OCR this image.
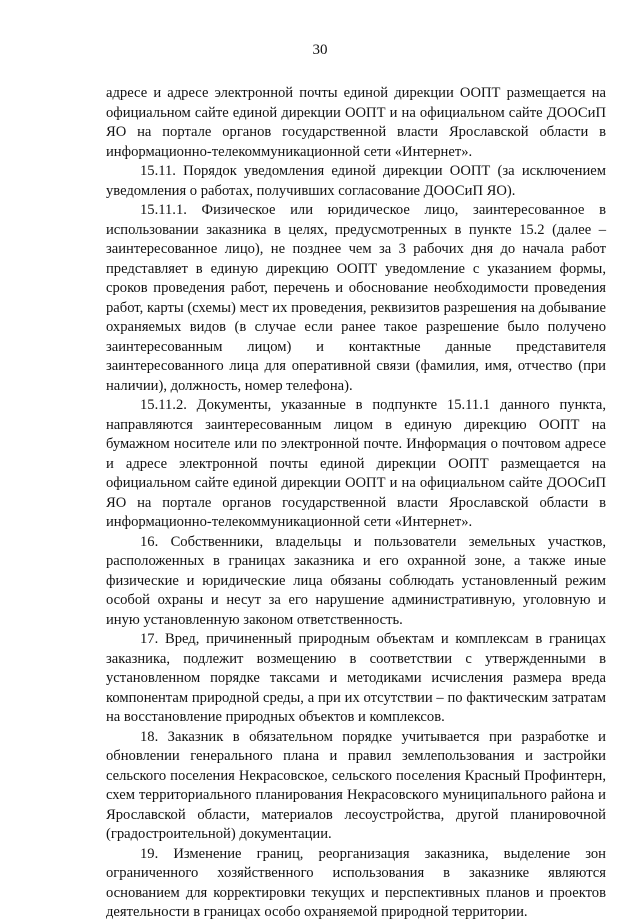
30

адресе и адресе электронной почты единой дирекции ООПТ размещается на официальном сайте единой дирекции ООПТ и на официальном сайте ДООСиП ЯО на портале органов государственной власти Ярославской области в информационно-телекоммуникационной сети «Интернет».

15.11. Порядок уведомления единой дирекции ООПТ (за исключением уведомления о работах, получивших согласование ДООСиП ЯО).

15.11.1. Физическое или юридическое лицо, заинтересованное в использовании заказника в целях, предусмотренных в пункте 15.2 (далее – заинтересованное лицо), не позднее чем за 3 рабочих дня до начала работ представляет в единую дирекцию ООПТ уведомление с указанием формы, сроков проведения работ, перечень и обоснование необходимости проведения работ, карты (схемы) мест их проведения, реквизитов разрешения на добывание охраняемых видов (в случае если ранее такое разрешение было получено заинтересованным лицом) и контактные данные представителя заинтересованного лица для оперативной связи (фамилия, имя, отчество (при наличии), должность, номер телефона).

15.11.2. Документы, указанные в подпункте 15.11.1 данного пункта, направляются заинтересованным лицом в единую дирекцию ООПТ на бумажном носителе или по электронной почте. Информация о почтовом адресе и адресе электронной почты единой дирекции ООПТ размещается на официальном сайте единой дирекции ООПТ и на официальном сайте ДООСиП ЯО на портале органов государственной власти Ярославской области в информационно-телекоммуникационной сети «Интернет».

16. Собственники, владельцы и пользователи земельных участков, расположенных в границах заказника и его охранной зоне, а также иные физические и юридические лица обязаны соблюдать установленный режим особой охраны и несут за его нарушение административную, уголовную и иную установленную законом ответственность.

17. Вред, причиненный природным объектам и комплексам в границах заказника, подлежит возмещению в соответствии с утвержденными в установленном порядке таксами и методиками исчисления размера вреда компонентам природной среды, а при их отсутствии – по фактическим затратам на восстановление природных объектов и комплексов.

18. Заказник в обязательном порядке учитывается при разработке и обновлении генерального плана и правил землепользования и застройки сельского поселения Некрасовское, сельского поселения Красный Профинтерн, схем территориального планирования Некрасовского муниципального района и Ярославской области, материалов лесоустройства, другой планировочной (градостроительной) документации.

19. Изменение границ, реорганизация заказника, выделение зон ограниченного хозяйственного использования в заказнике являются основанием для корректировки текущих и перспективных планов и проектов деятельности в границах особо охраняемой природной территории.
